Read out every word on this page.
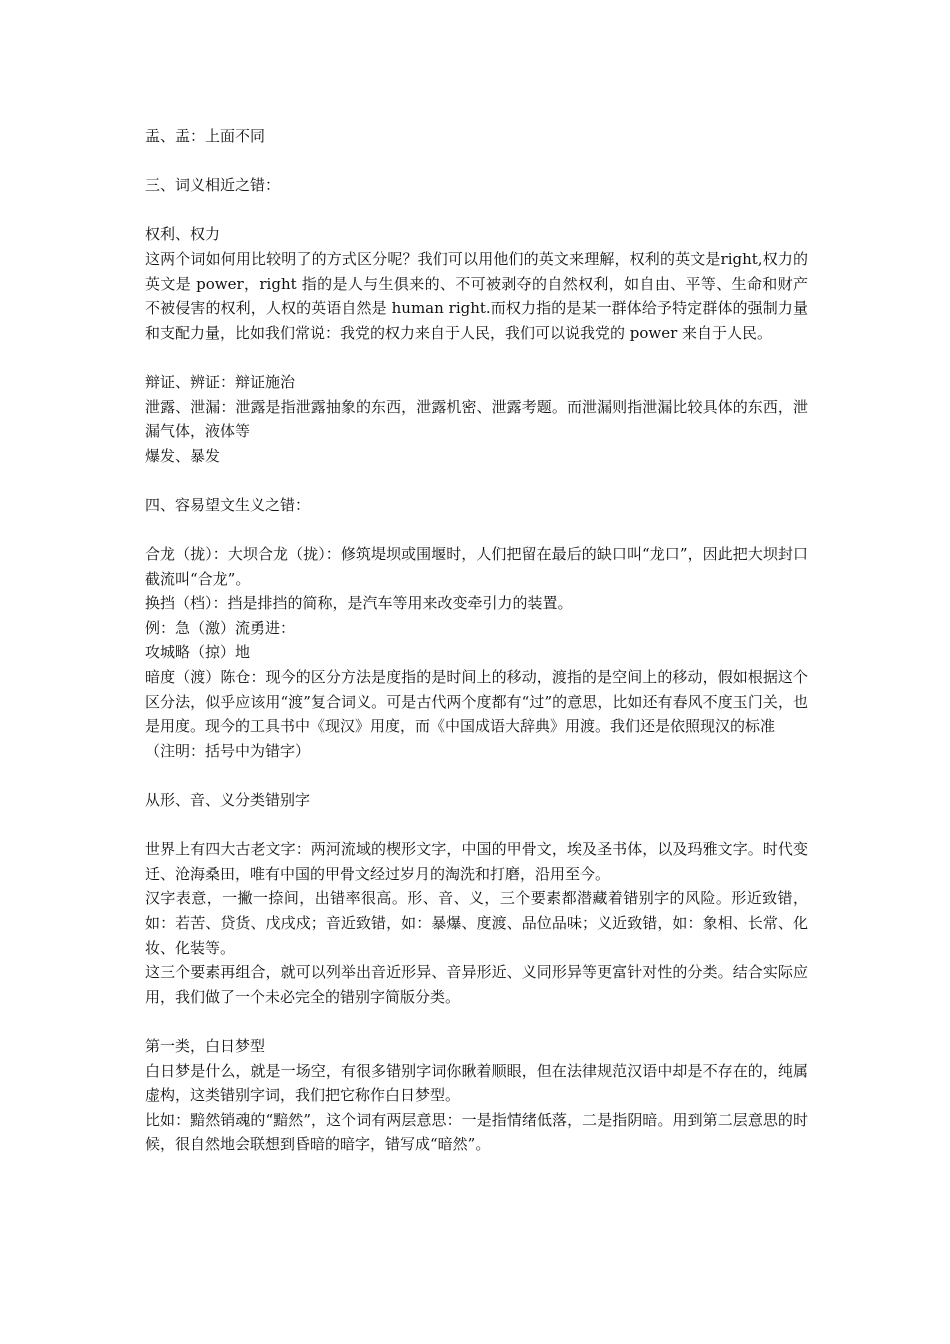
盂、盂：上面不同

三、词义相近之错：

权利、权力

这两个词如何用比较明了的方式区分呢？我们可以用他们的英文来理解，权利的英文是right,权力的英文是 power，right 指的是人与生俱来的、不可被剥夺的自然权利，如自由、平等、生命和财产不被侵害的权利，人权的英语自然是 human right.而权力指的是某一群体给予特定群体的强制力量和支配力量，比如我们常说：我党的权力来自于人民，我们可以说我党的 power 来自于人民。

辩证、辨证：辩证施治

泄露、泄漏：泄露是指泄露抽象的东西，泄露机密、泄露考题。而泄漏则指泄漏比较具体的东西，泄漏气体，液体等

爆发、暴发

四、容易望文生义之错：

合龙（拢）：大坝合龙（拢）：修筑堤坝或围堰时，人们把留在最后的缺口叫“龙口”，因此把大坝封口截流叫“合龙”。

换挡（档）：挡是排挡的简称，是汽车等用来改变牵引力的装置。

例：急（激）流勇进：

攻城略（掠）地

暗度（渡）陈仓：现今的区分方法是度指的是时间上的移动，渡指的是空间上的移动，假如根据这个区分法，似乎应该用“渡”复合词义。可是古代两个度都有“过”的意思，比如还有春风不度玉门关，也是用度。现今的工具书中《现汉》用度，而《中国成语大辞典》用渡。我们还是依照现汉的标准

（注明：括号中为错字）

从形、音、义分类错别字

世界上有四大古老文字：两河流域的楔形文字，中国的甲骨文，埃及圣书体，以及玛雅文字。时代变迁、沧海桑田，唯有中国的甲骨文经过岁月的淘洗和打磨，沿用至今。

汉字表意，一撇一捺间，出错率很高。形、音、义，三个要素都潜藏着错别字的风险。形近致错，如：若苦、贷货、戊戌戍；音近致错，如：暴爆、度渡、品位品味；义近致错，如：象相、长常、化妆、化装等。

这三个要素再组合，就可以列举出音近形异、音异形近、义同形异等更富针对性的分类。结合实际应用，我们做了一个未必完全的错别字简版分类。

第一类，白日梦型

白日梦是什么，就是一场空，有很多错别字词你瞅着顺眼，但在法律规范汉语中却是不存在的，纯属虚构，这类错别字词，我们把它称作白日梦型。

比如：黯然销魂的“黯然”，这个词有两层意思：一是指情绪低落，二是指阴暗。用到第二层意思的时候，很自然地会联想到昏暗的暗字，错写成“暗然”。
